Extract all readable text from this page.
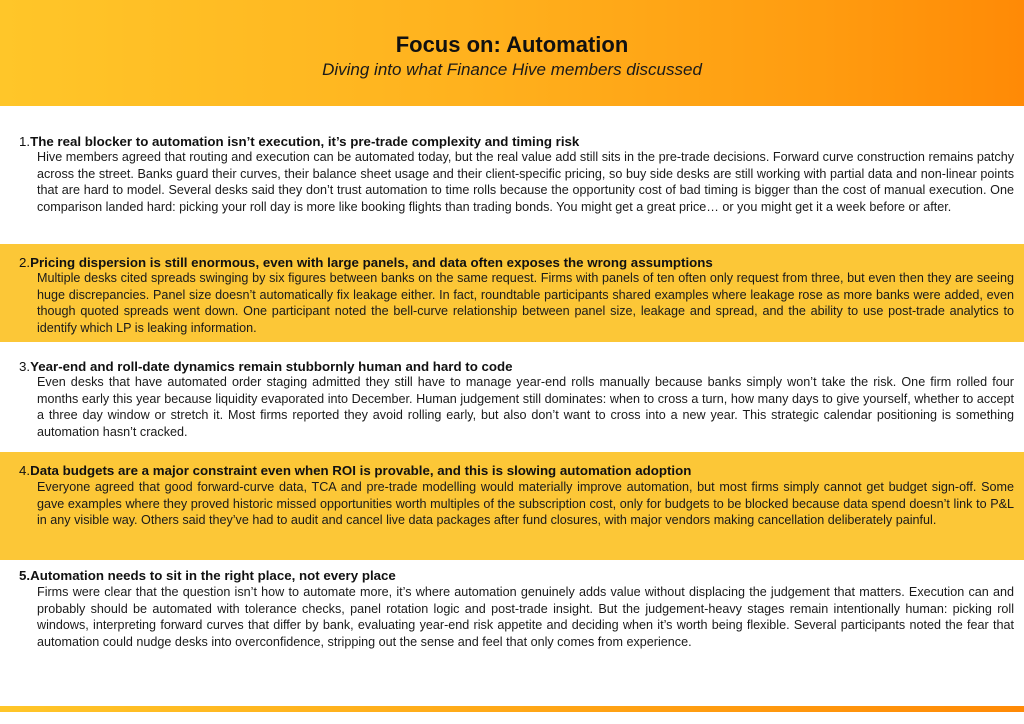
Focus on: Automation
Diving into what Finance Hive members discussed
1.The real blocker to automation isn’t execution, it’s pre-trade complexity and timing risk
Hive members agreed that routing and execution can be automated today, but the real value add still sits in the pre-trade decisions. Forward curve construction remains patchy across the street. Banks guard their curves, their balance sheet usage and their client-specific pricing, so buy side desks are still working with partial data and non-linear points that are hard to model. Several desks said they don’t trust automation to time rolls because the opportunity cost of bad timing is bigger than the cost of manual execution. One comparison landed hard: picking your roll day is more like booking flights than trading bonds. You might get a great price… or you might get it a week before or after.
2.Pricing dispersion is still enormous, even with large panels, and data often exposes the wrong assumptions
Multiple desks cited spreads swinging by six figures between banks on the same request. Firms with panels of ten often only request from three, but even then they are seeing huge discrepancies. Panel size doesn’t automatically fix leakage either. In fact, roundtable participants shared examples where leakage rose as more banks were added, even though quoted spreads went down. One participant noted the bell-curve relationship between panel size, leakage and spread, and the ability to use post-trade analytics to identify which LP is leaking information.
3.Year-end and roll-date dynamics remain stubbornly human and hard to code
Even desks that have automated order staging admitted they still have to manage year-end rolls manually because banks simply won’t take the risk. One firm rolled four months early this year because liquidity evaporated into December. Human judgement still dominates: when to cross a turn, how many days to give yourself, whether to accept a three day window or stretch it. Most firms reported they avoid rolling early, but also don’t want to cross into a new year. This strategic calendar positioning is something automation hasn’t cracked.
4.Data budgets are a major constraint even when ROI is provable, and this is slowing automation adoption
Everyone agreed that good forward-curve data, TCA and pre-trade modelling would materially improve automation, but most firms simply cannot get budget sign-off. Some gave examples where they proved historic missed opportunities worth multiples of the subscription cost, only for budgets to be blocked because data spend doesn’t link to P&L in any visible way. Others said they’ve had to audit and cancel live data packages after fund closures, with major vendors making cancellation deliberately painful.
5.Automation needs to sit in the right place, not every place
Firms were clear that the question isn’t how to automate more, it’s where automation genuinely adds value without displacing the judgement that matters. Execution can and probably should be automated with tolerance checks, panel rotation logic and post-trade insight. But the judgement-heavy stages remain intentionally human: picking roll windows, interpreting forward curves that differ by bank, evaluating year-end risk appetite and deciding when it’s worth being flexible. Several participants noted the fear that automation could nudge desks into overconfidence, stripping out the sense and feel that only comes from experience.
